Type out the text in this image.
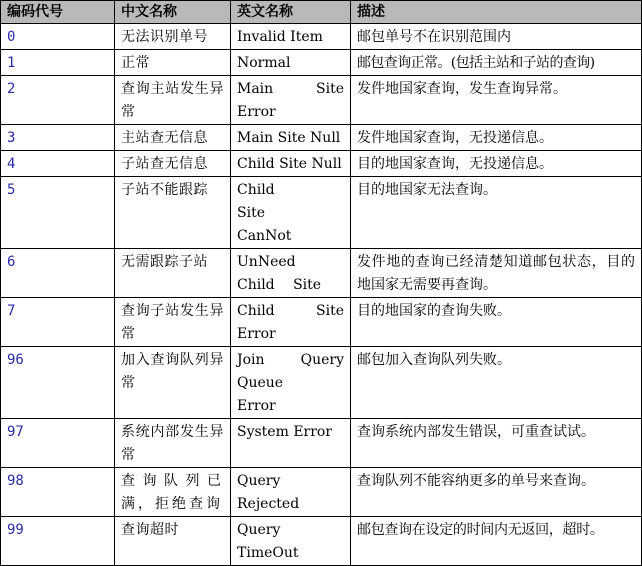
编码代号	中文名称	英文名称	描述
0	无法识别单号	Invalid Item	邮包单号不在识别范围内
1	正常	Normal	邮包查询正常。(包括主站和子站的查询)
2	查询主站发生异常	Main Site Error	发件地国家查询，发生查询异常。
3	主站查无信息	Main Site Null	发件地国家查询，无投递信息。
4	子站查无信息	Child Site Null	目的地国家查询，无投递信息。
5	子站不能跟踪	Child Site CanNot	目的地国家无法查询。
6	无需跟踪子站	UnNeed Child Site	发件地的查询已经清楚知道邮包状态，目的地国家无需要再查询。
7	查询子站发生异常	Child Site Error	目的地国家的查询失败。
96	加入查询队列异常	Join Query Queue Error	邮包加入查询队列失败。
97	系统内部发生异常	System Error	查询系统内部发生错误，可重查试试。
98	查询队列已满，拒绝查询	Query Rejected	查询队列不能容纳更多的单号来查询。
99	查询超时	Query TimeOut	邮包查询在设定的时间内无返回，超时。
